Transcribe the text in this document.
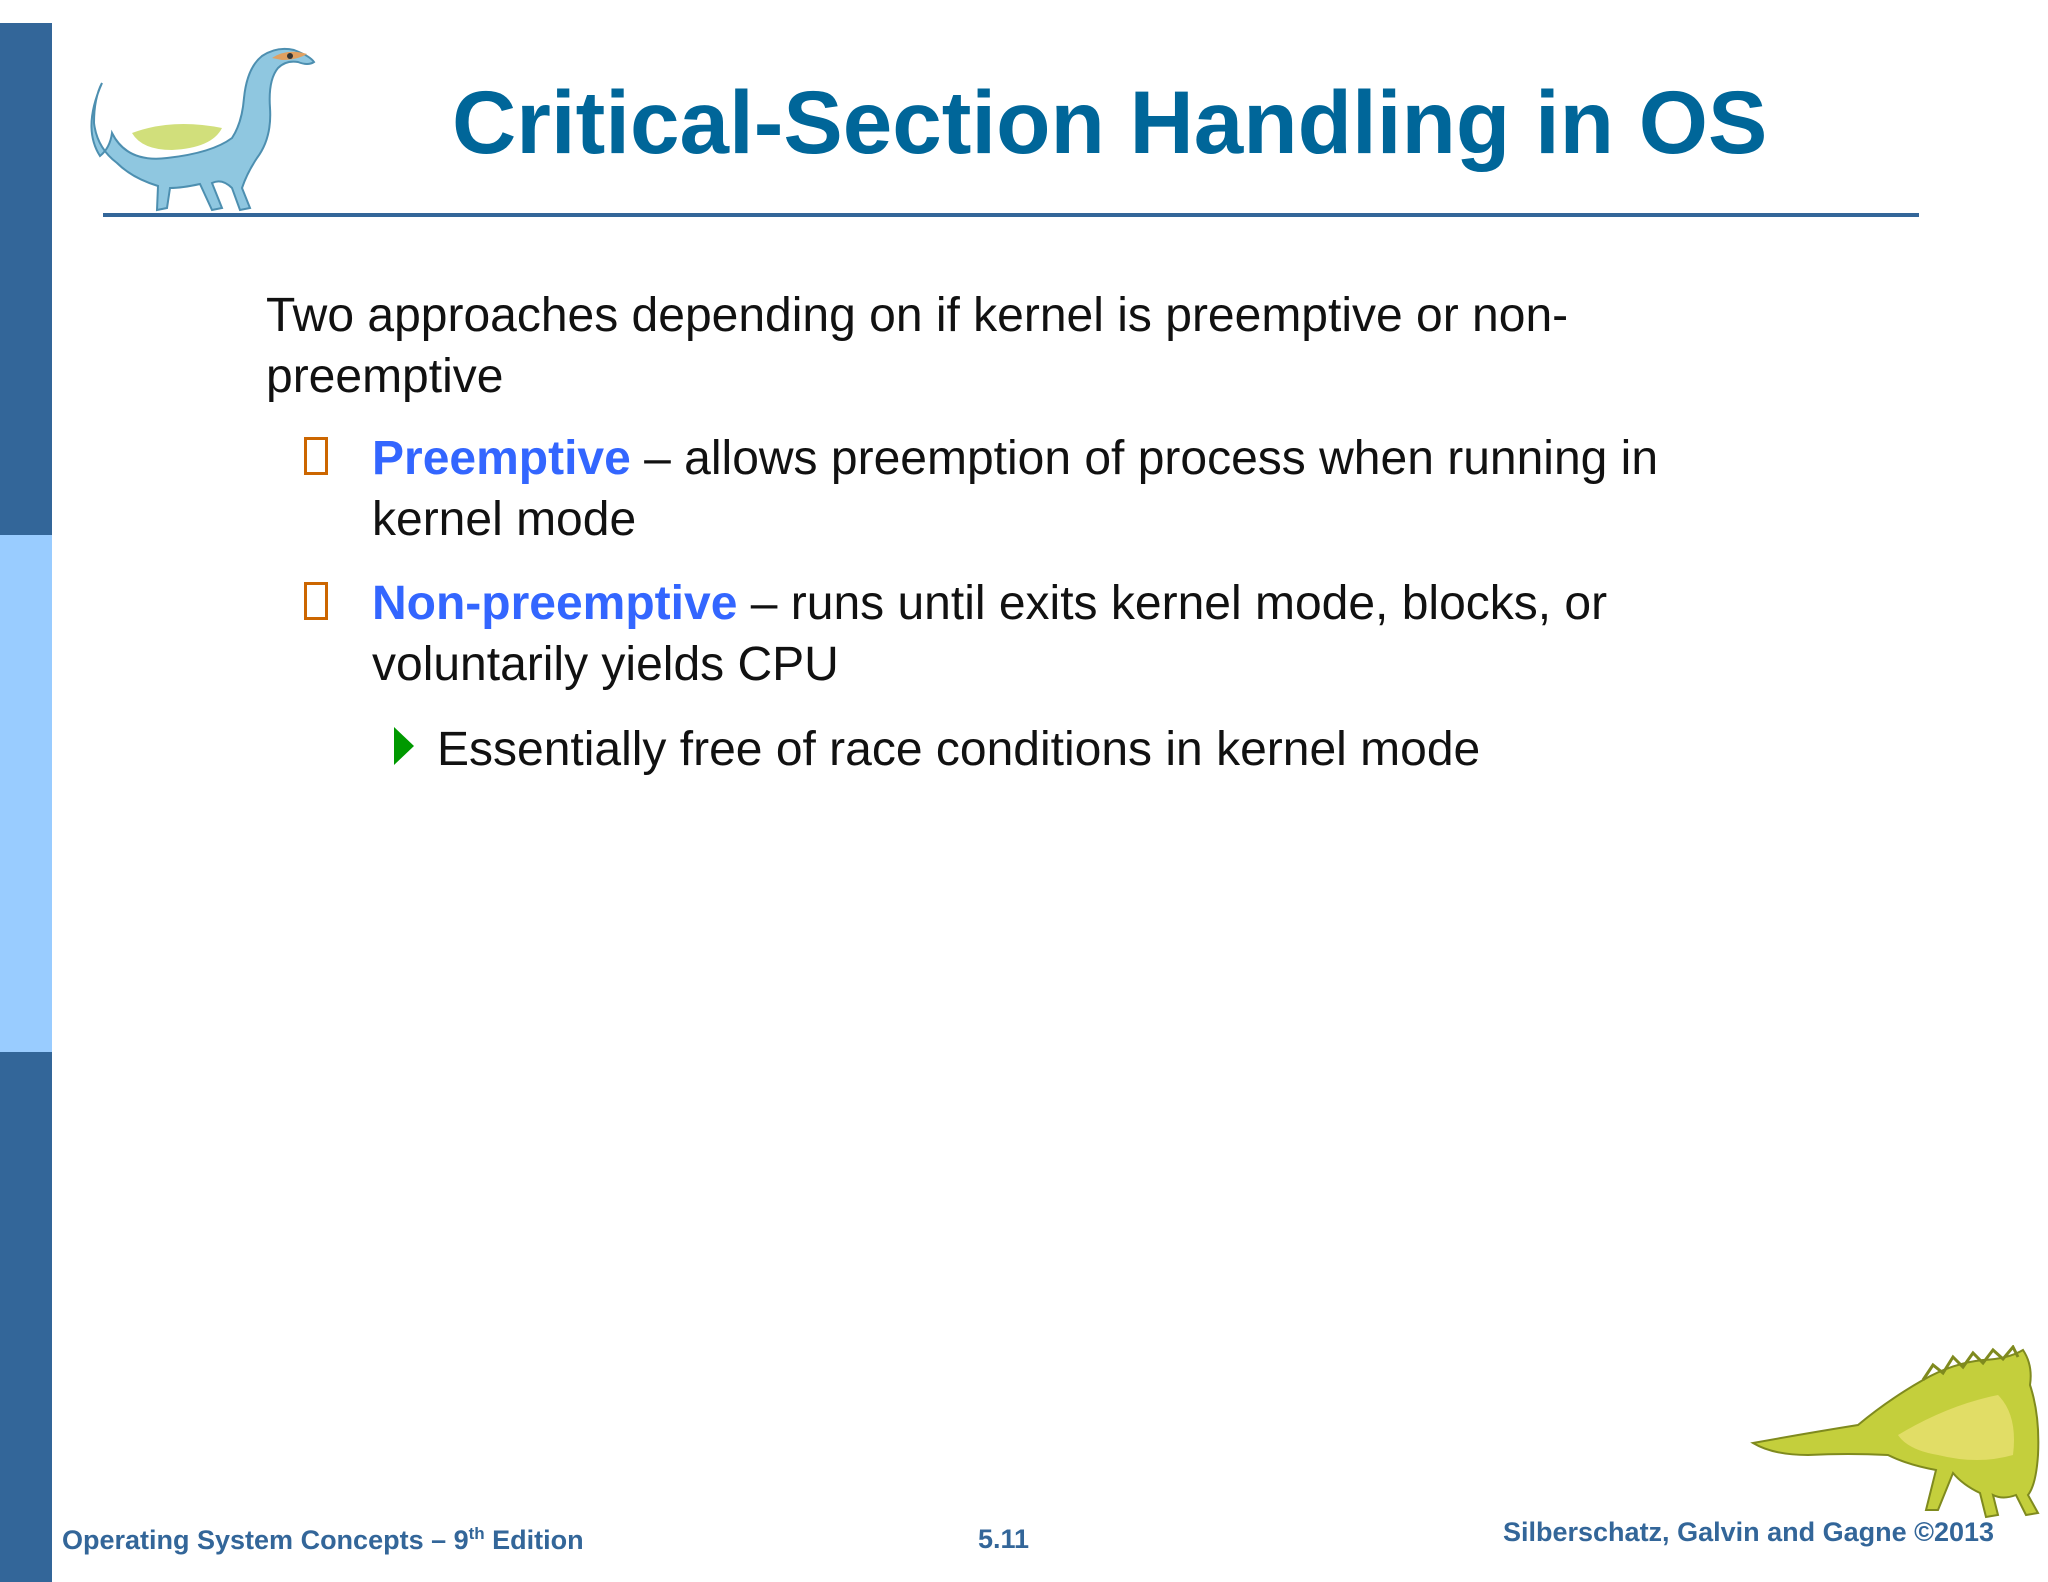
Critical-Section Handling in OS
Two approaches depending on if kernel is preemptive or non-preemptive
Preemptive – allows preemption of process when running in kernel mode
Non-preemptive – runs until exits kernel mode, blocks, or voluntarily yields CPU
Essentially free of race conditions in kernel mode
Operating System Concepts – 9th Edition	5.11	Silberschatz, Galvin and Gagne ©2013
